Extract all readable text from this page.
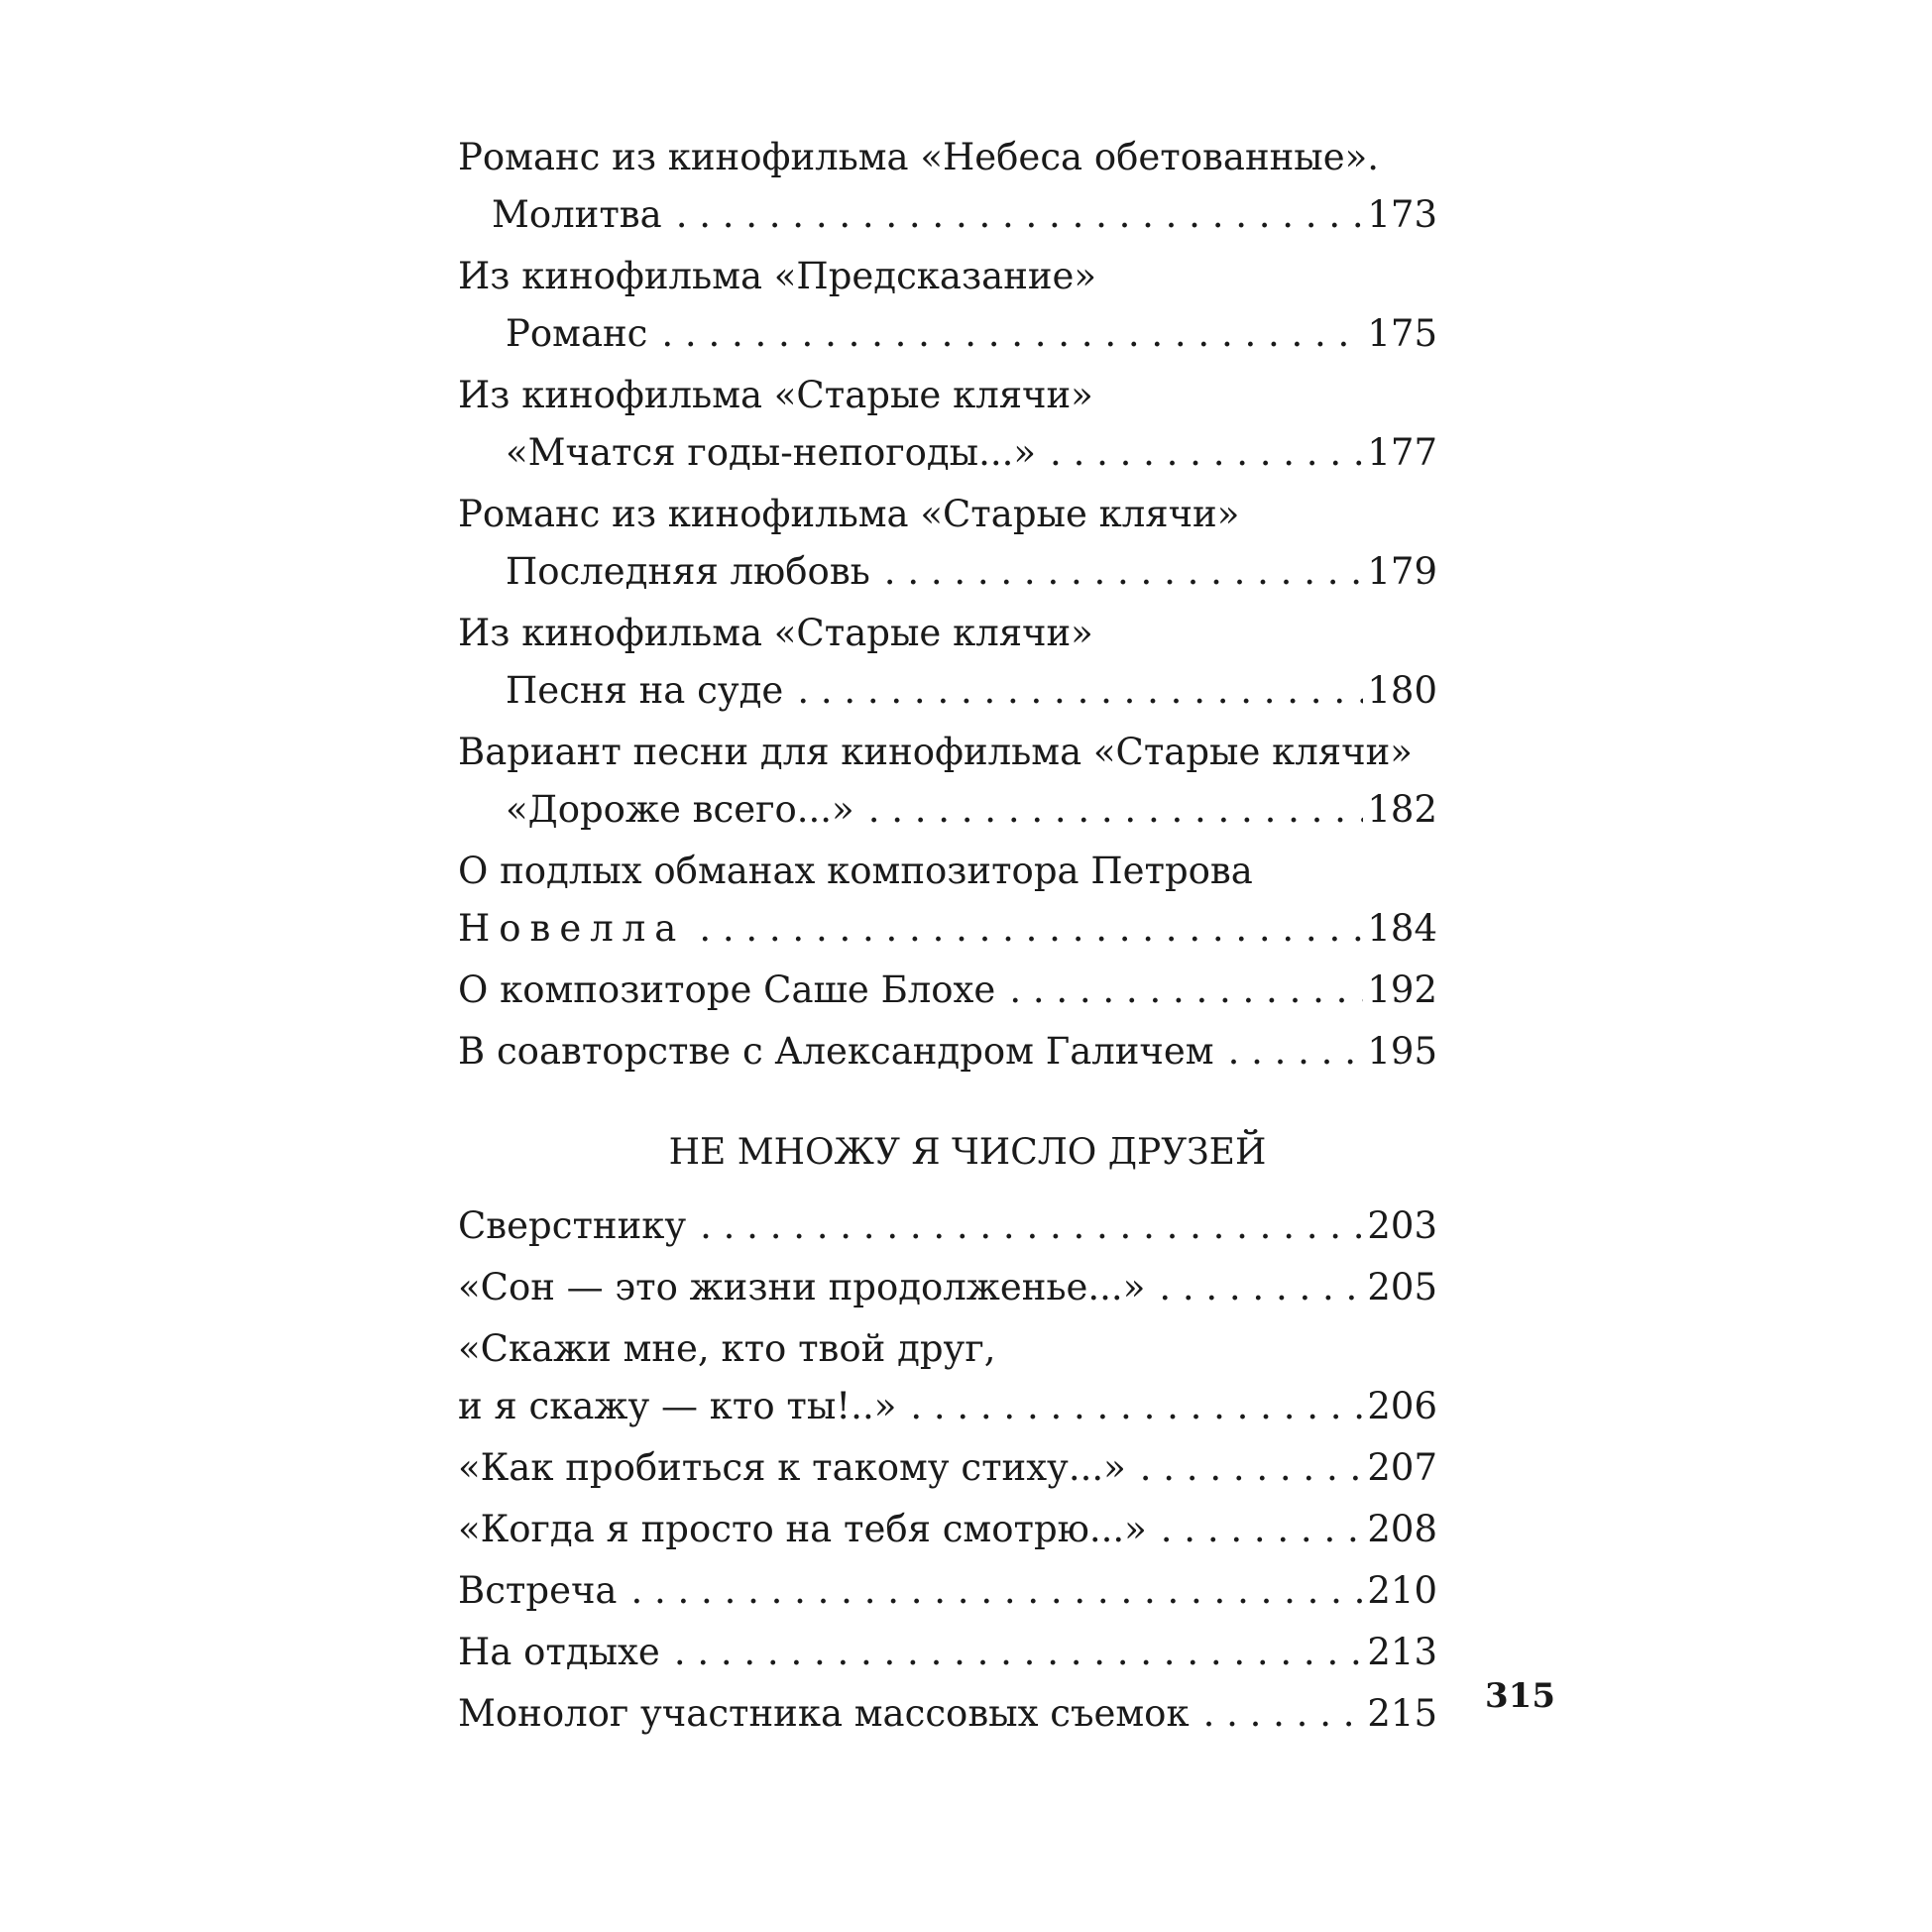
Романс из кинофильма «Небеса обетованные».
Молитва . . .	173
Из кинофильма «Предсказание»
Романс . . .	175
Из кинофильма «Старые клячи»
«Мчатся годы-непогоды...» . . .	177
Романс из кинофильма «Старые клячи»
Последняя любовь . . .	179
Из кинофильма «Старые клячи»
Песня на суде . . .	180
Вариант песни для кинофильма «Старые клячи»
«Дороже всего...» . . .	182
О подлых обманах композитора Петрова
Новелла . . .	184
О композиторе Саше Блохе . . .	192
В соавторстве с Александром Галичем . . .	195
НЕ МНОЖУ Я ЧИСЛО ДРУЗЕЙ
Сверстнику . . .	203
«Сон — это жизни продолженье...» . . .	205
«Скажи мне, кто твой друг,
и я скажу — кто ты!..» . . .	206
«Как пробиться к такому стиху...» . . .	207
«Когда я просто на тебя смотрю...» . . .	208
Встреча . . .	210
На отдыхе . . .	213
Монолог участника массовых съемок . . .	215 315
